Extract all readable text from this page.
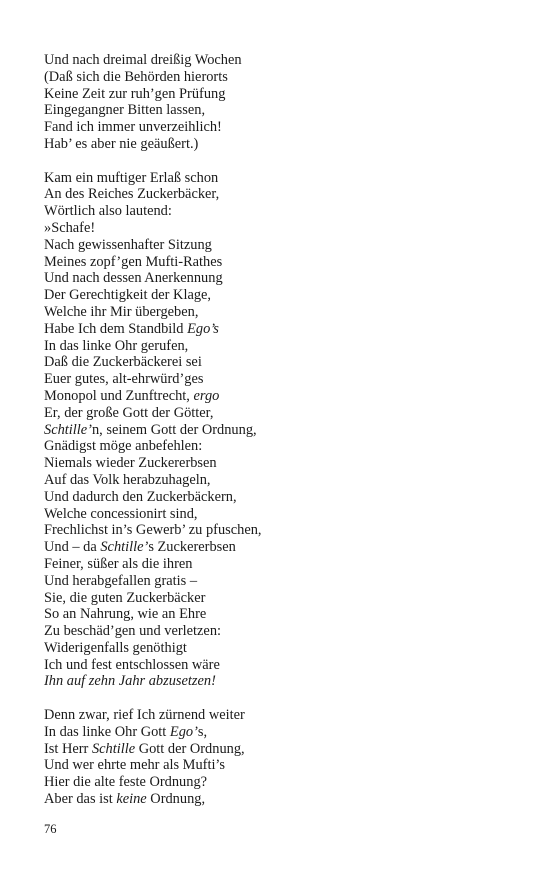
Und nach dreimal dreißig Wochen
(Daß sich die Behörden hierorts
Keine Zeit zur ruh’gen Prüfung
Eingegangner Bitten lassen,
Fand ich immer unverzeihlich!
Hab’ es aber nie geäußert.)
Kam ein muftiger Erlaß schon
An des Reiches Zuckerbäcker,
Wörtlich also lautend:
»Schafe!
Nach gewissenhafter Sitzung
Meines zopf’gen Mufti-Rathes
Und nach dessen Anerkennung
Der Gerechtigkeit der Klage,
Welche ihr Mir übergeben,
Habe Ich dem Standbild Ego’s
In das linke Ohr gerufen,
Daß die Zuckerbäckerei sei
Euer gutes, alt-ehrwürd’ges
Monopol und Zunftrecht, ergo
Er, der große Gott der Götter,
Schtille’n, seinem Gott der Ordnung,
Gnädigst möge anbefehlen:
Niemals wieder Zuckererbsen
Auf das Volk herabzuhageln,
Und dadurch den Zuckerbäckern,
Welche concessionirt sind,
Frechlichst in’s Gewerb’ zu pfuschen,
Und – da Schtille’s Zuckererbsen
Feiner, süßer als die ihren
Und herabgefallen gratis –
Sie, die guten Zuckerbäcker
So an Nahrung, wie an Ehre
Zu beschäd’gen und verletzen:
Widerigenfalls genöthigt
Ich und fest entschlossen wäre
Ihn auf zehn Jahr abzusetzen!
Denn zwar, rief Ich zürnend weiter
In das linke Ohr Gott Ego’s,
Ist Herr Schtille Gott der Ordnung,
Und wer ehrte mehr als Mufti’s
Hier die alte feste Ordnung?
Aber das ist keine Ordnung,
76
